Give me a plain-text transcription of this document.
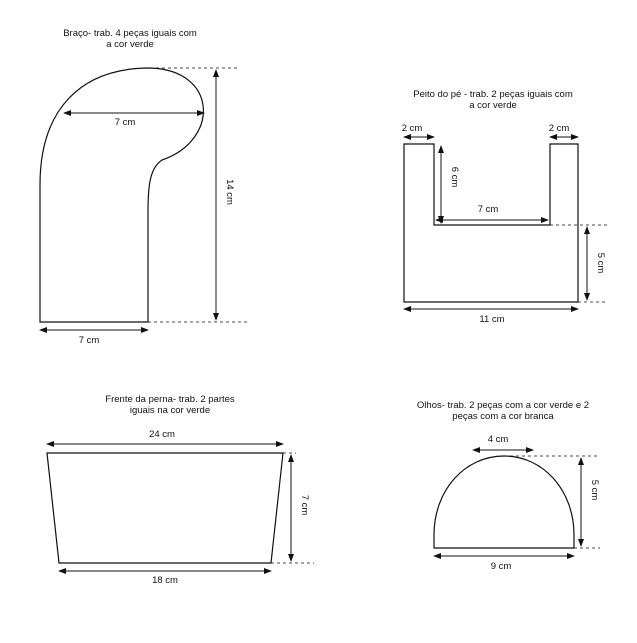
Braço- trab. 4 peças iguais com
a cor verde
Peito do pé - trab. 2 peças iguais com
a cor verde
Frente da perna- trab. 2 partes
iguais na cor verde	Olhos- trab. 2 peças com a cor verde e 2
peças com a cor branca
7 cm
14 cm
7 cm
2 cm	2 cm
6 cm
7 cm
5 cm
11 cm
24 cm
7 cm
18 cm
4 cm
5 cm
9 cm
